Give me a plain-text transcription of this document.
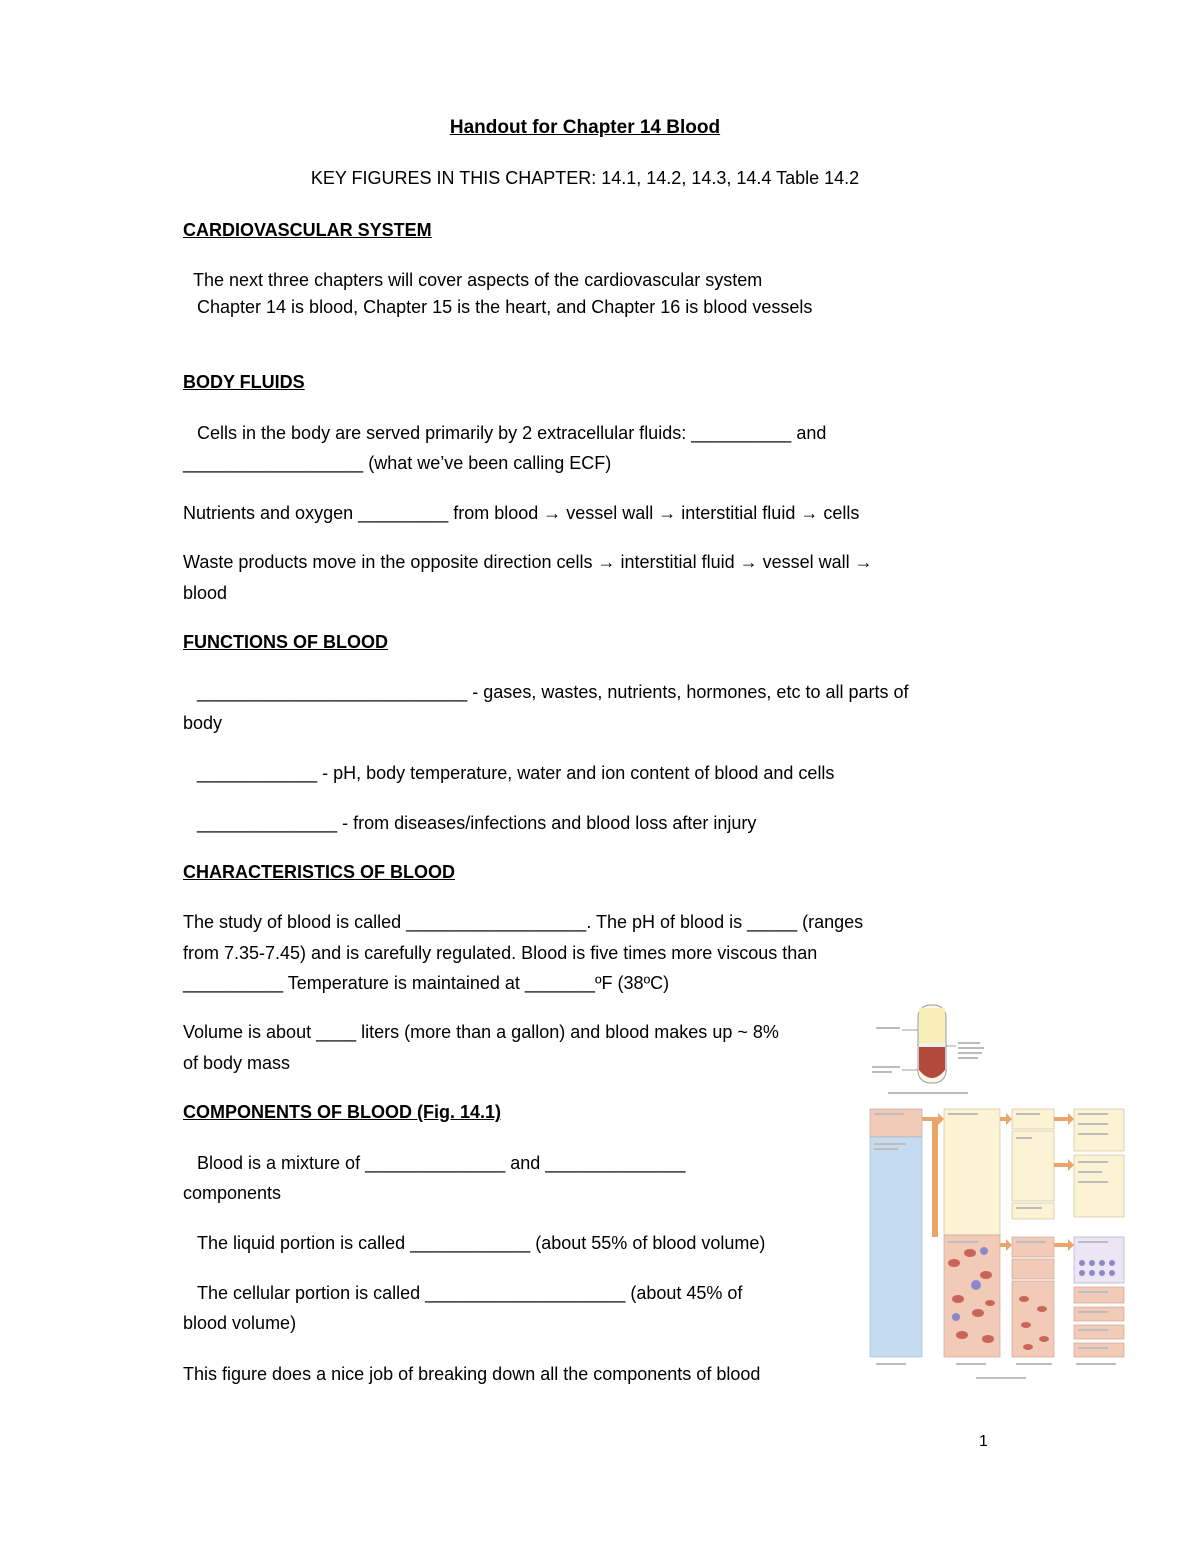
Handout for Chapter 14 Blood
KEY FIGURES IN THIS CHAPTER: 14.1, 14.2, 14.3, 14.4 Table 14.2
CARDIOVASCULAR SYSTEM
The next three chapters will cover aspects of the cardiovascular system
Chapter 14 is blood, Chapter 15 is the heart, and Chapter 16 is blood vessels
BODY FLUIDS
Cells in the body are served primarily by 2 extracellular fluids: __________ and
__________________ (what we’ve been calling ECF)
Nutrients and oxygen _________ from blood → vessel wall → interstitial fluid → cells
Waste products move in the opposite direction cells → interstitial fluid → vessel wall →
blood
FUNCTIONS OF BLOOD
___________________________ - gases, wastes, nutrients, hormones, etc to all parts of
body
____________ - pH, body temperature, water and ion content of blood and cells
______________ - from diseases/infections and blood loss after injury
CHARACTERISTICS OF BLOOD
The study of blood is called __________________. The pH of blood is _____ (ranges
from 7.35-7.45) and is carefully regulated. Blood is five times more viscous than
__________ Temperature is maintained at _______ºF (38ºC)
Volume is about ____ liters (more than a gallon) and blood makes up ~ 8%
of body mass
COMPONENTS OF BLOOD (Fig. 14.1)
Blood is a mixture of ______________ and ______________
components
The liquid portion is called ____________ (about 55% of blood volume)
The cellular portion is called ____________________ (about 45% of
blood volume)
This figure does a nice job of breaking down all the components of blood
1
